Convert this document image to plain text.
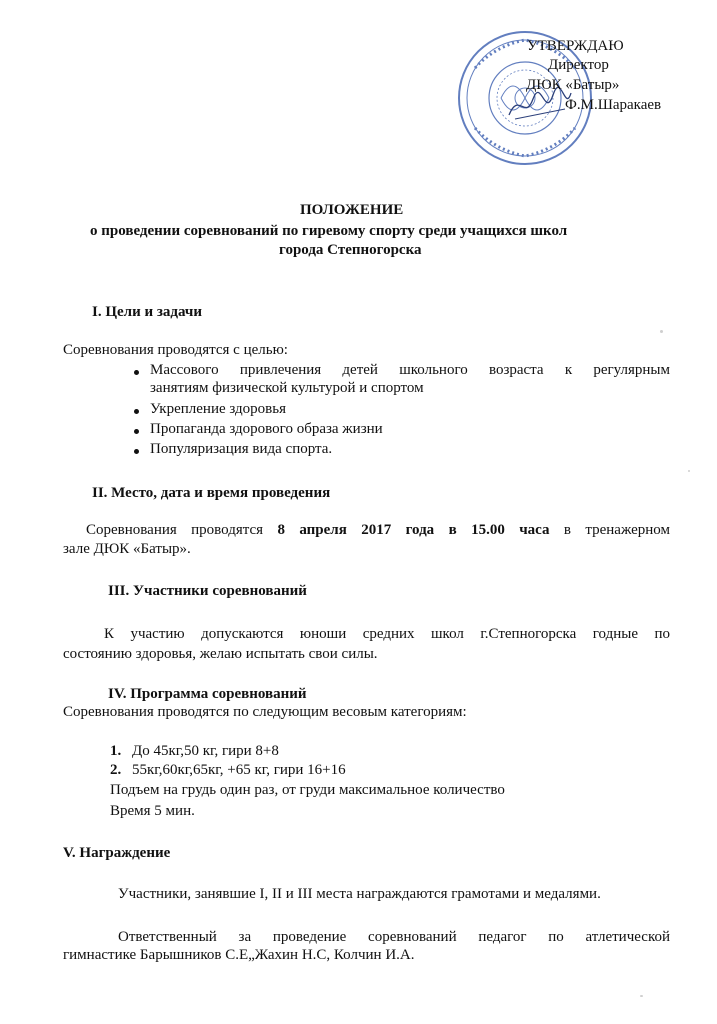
УТВЕРЖДАЮ
Директор
ДЮК «Батыр»
Ф.М.Шаракаев
ПОЛОЖЕНИЕ
о проведении соревнований по гиревому спорту среди учащихся школ
города Степногорска
I. Цели и задачи
Соревнования проводятся с целью:
Массового привлечения детей школьного возраста к регулярным
занятиям физической культурой и спортом
Укрепление здоровья
Пропаганда здорового образа жизни
Популяризация вида спорта.
II. Место, дата и время проведения
Соревнования проводятся 8 апреля 2017 года в 15.00 часа в тренажерном
зале ДЮК «Батыр».
III. Участники соревнований
К участию допускаются юноши средних школ г.Степногорска годные по
состоянию здоровья, желаю испытать свои силы.
IV. Программа соревнований
Соревнования проводятся по следующим весовым категориям:
1. До 45кг,50 кг, гири 8+8
2. 55кг,60кг,65кг, +65 кг, гири 16+16
Подъем на грудь один раз, от груди максимальное количество
Время 5 мин.
V. Награждение
Участники, занявшие I, II и III места награждаются грамотами и медалями.
Ответственный за проведение соревнований педагог по атлетической
гимнастике Барышников С.Е„Жахин Н.С, Колчин И.А.
